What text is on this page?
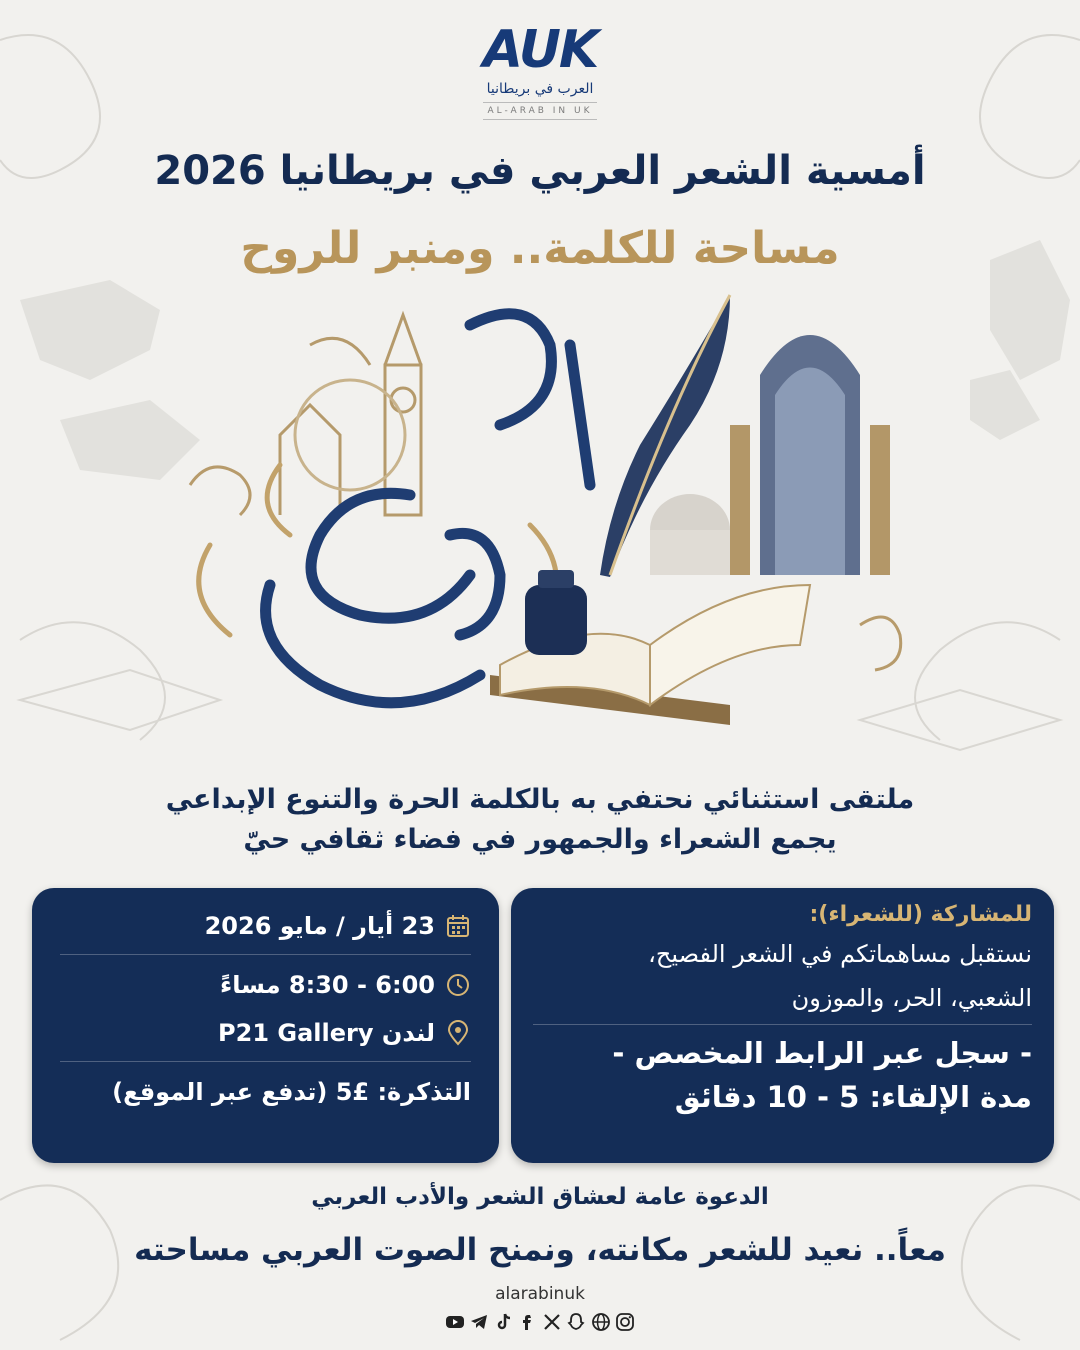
AUK
العرب في بريطانيا
AL-ARAB IN UK
أمسية الشعر العربي في بريطانيا 2026
مساحة للكلمة.. ومنبر للروح
ملتقى استثنائي نحتفي به بالكلمة الحرة والتنوع الإبداعي
يجمع الشعراء والجمهور في فضاء ثقافي حيّ
23 أيار / مايو 2026
6:00 - 8:30 مساءً
لندن P21 Gallery
التذكرة: £5 (تدفع عبر الموقع)
للمشاركة (للشعراء):
نستقبل مساهماتكم في الشعر الفصيح،
الشعبي، الحر، والموزون
- سجل عبر الرابط المخصص -
مدة الإلقاء: 5 - 10 دقائق
الدعوة عامة لعشاق الشعر والأدب العربي
معاً.. نعيد للشعر مكانته، ونمنح الصوت العربي مساحته
alarabinuk
